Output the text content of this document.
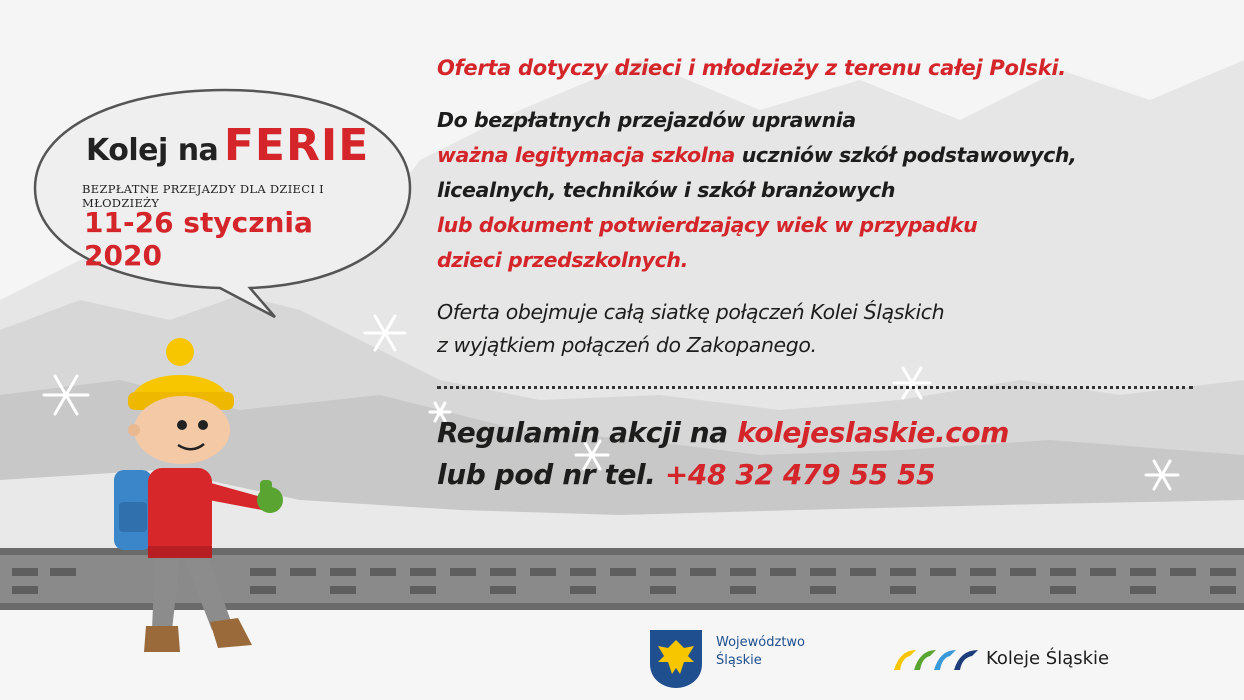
Kolej na FERIE
BEZPŁATNE PRZEJAZDY DLA DZIECI I MŁODZIEŻY
11-26 stycznia 2020
Oferta dotyczy dzieci i młodzieży z terenu całej Polski.
Do bezpłatnych przejazdów uprawnia
ważna legitymacja szkolna uczniów szkół podstawowych,
licealnych, techników i szkół branżowych
lub dokument potwierdzający wiek w przypadku
dzieci przedszkolnych.
Oferta obejmuje całą siatkę połączeń Kolei Śląskich
z wyjątkiem połączeń do Zakopanego.
Regulamin akcji na kolejeslaskie.com
lub pod nr tel. +48 32 479 55 55
Województwo
Śląskie	Koleje Śląskie
